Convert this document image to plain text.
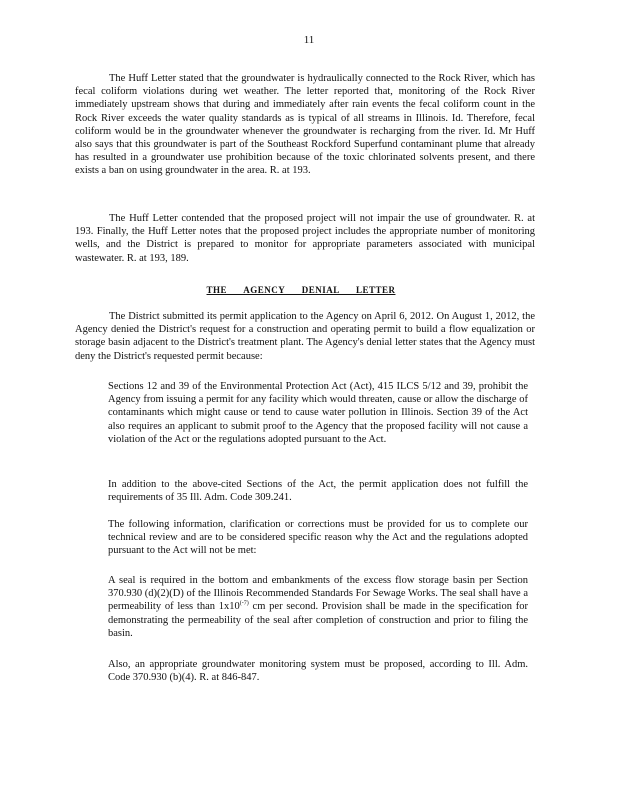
11

The Huff Letter stated that the groundwater is hydraulically connected to the Rock River, which has fecal coliform violations during wet weather. The letter reported that, monitoring of the Rock River immediately upstream shows that during and immediately after rain events the fecal coliform count in the Rock River exceeds the water quality standards as is typical of all streams in Illinois. Id. Therefore, fecal coliform would be in the groundwater whenever the groundwater is recharging from the river. Id. Mr Huff also says that this groundwater is part of the Southeast Rockford Superfund contaminant plume that already has resulted in a groundwater use prohibition because of the toxic chlorinated solvents present, and there exists a ban on using groundwater in the area. R. at 193.

The Huff Letter contended that the proposed project will not impair the use of groundwater. R. at 193. Finally, the Huff Letter notes that the proposed project includes the appropriate number of monitoring wells, and the District is prepared to monitor for appropriate parameters associated with municipal wastewater. R. at 193, 189.

THE AGENCY DENIAL LETTER

The District submitted its permit application to the Agency on April 6, 2012. On August 1, 2012, the Agency denied the District's request for a construction and operating permit to build a flow equalization or storage basin adjacent to the District's treatment plant. The Agency's denial letter states that the Agency must deny the District's requested permit because:

Sections 12 and 39 of the Environmental Protection Act (Act), 415 ILCS 5/12 and 39, prohibit the Agency from issuing a permit for any facility which would threaten, cause or allow the discharge of contaminants which might cause or tend to cause water pollution in Illinois. Section 39 of the Act also requires an applicant to submit proof to the Agency that the proposed facility will not cause a violation of the Act or the regulations adopted pursuant to the Act.

In addition to the above-cited Sections of the Act, the permit application does not fulfill the requirements of 35 Ill. Adm. Code 309.241.

The following information, clarification or corrections must be provided for us to complete our technical review and are to be considered specific reason why the Act and the regulations adopted pursuant to the Act will not be met:

A seal is required in the bottom and embankments of the excess flow storage basin per Section 370.930 (d)(2)(D) of the Illinois Recommended Standards For Sewage Works. The seal shall have a permeability of less than $1x10^{(-7)}$ cm per second. Provision shall be made in the specification for demonstrating the permeability of the seal after completion of construction and prior to filing the basin.

Also, an appropriate groundwater monitoring system must be proposed, according to Ill. Adm. Code 370.930 (b)(4). R. at 846-847.
